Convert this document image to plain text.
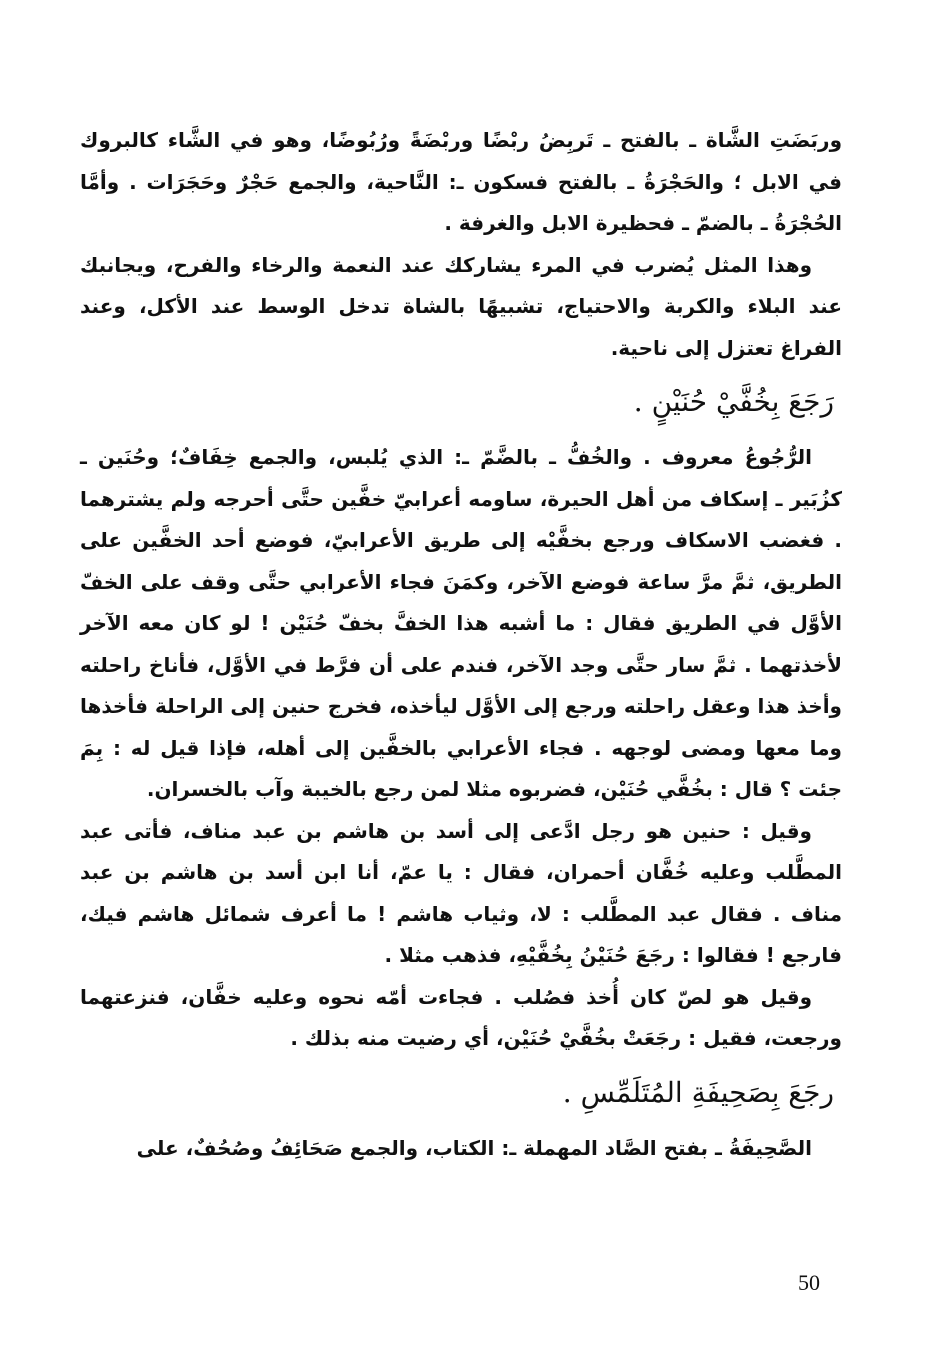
وربَضَتِ الشَّاة ـ بالفتح ـ تَربِضُ ربْضًا وربْضَةً ورُبُوضًا، وهو في الشَّاء كالبروك في الابل ؛ والحَجْرَةُ ـ بالفتح فسكون ـ: النَّاحية، والجمع حَجْرٌ وحَجَرَات . وأمَّا الحُجْرَةُ ـ بالضمّ ـ فحظيرة الابل والغرفة .

وهذا المثل يُضرب في المرء يشاركك عند النعمة والرخاء والفرح، ويجانبك عند البلاء والكربة والاحتياج، تشبيهًا بالشاة تدخل الوسط عند الأكل، وعند الفراغ تعتزل إلى ناحية.

رَجَعَ بِخُفَّيْ حُنَيْنٍ .

الرُّجُوعُ معروف . والخُفُّ ـ بالضَّمّ ـ: الذي يُلبس، والجمع خِفَافٌ؛ وحُنَين ـ كزُبَير ـ إسكاف من أهل الحيرة، ساومه أعرابيّ خفَّين حتَّى أحرجه ولم يشترهما . فغضب الاسكاف ورجع بخفَّيْه إلى طريق الأعرابيّ، فوضع أحد الخفَّين على الطريق، ثمَّ مرَّ ساعة فوضع الآخر، وكمَنَ فجاء الأعرابي حتَّى وقف على الخفّ الأوَّل في الطريق فقال : ما أشبه هذا الخفَّ بخفّ حُنَيْن ! لو كان معه الآخر لأخذتهما . ثمَّ سار حتَّى وجد الآخر، فندم على أن فرَّط في الأوَّل، فأناخ راحلته وأخذ هذا وعقل راحلته ورجع إلى الأوَّل ليأخذه، فخرج حنين إلى الراحلة فأخذها وما معها ومضى لوجهه . فجاء الأعرابي بالخفَّين إلى أهله، فإذا قيل له : بِمَ جئت ؟ قال : بخُفَّي حُنَيْن، فضربوه مثلا لمن رجع بالخيبة وآب بالخسران.

وقيل : حنين هو رجل ادَّعى إلى أسد بن هاشم بن عبد مناف، فأتى عبد المطَّلب وعليه خُفَّان أحمران، فقال : يا عمّ، أنا ابن أسد بن هاشم بن عبد مناف . فقال عبد المطَّلب : لا، وثياب هاشم ! ما أعرف شمائل هاشم فيك، فارجع ! فقالوا : رجَعَ حُنَيْنُ بِخُفَّيْهِ، فذهب مثلا .

وقيل هو لصّ كان أُخذ فصُلب . فجاءت أمّه نحوه وعليه خفَّان، فنزعتهما ورجعت، فقيل : رجَعَتْ بخُفَّيْ حُنَيْن، أي رضيت منه بذلك .

رجَعَ بِصَحِيفَةِ المُتَلَمِّسِ .

الصَّحِيفَةُ ـ بفتح الصَّاد المهملة ـ: الكتاب، والجمع صَحَائِفُ وصُحُفٌ، على

50
